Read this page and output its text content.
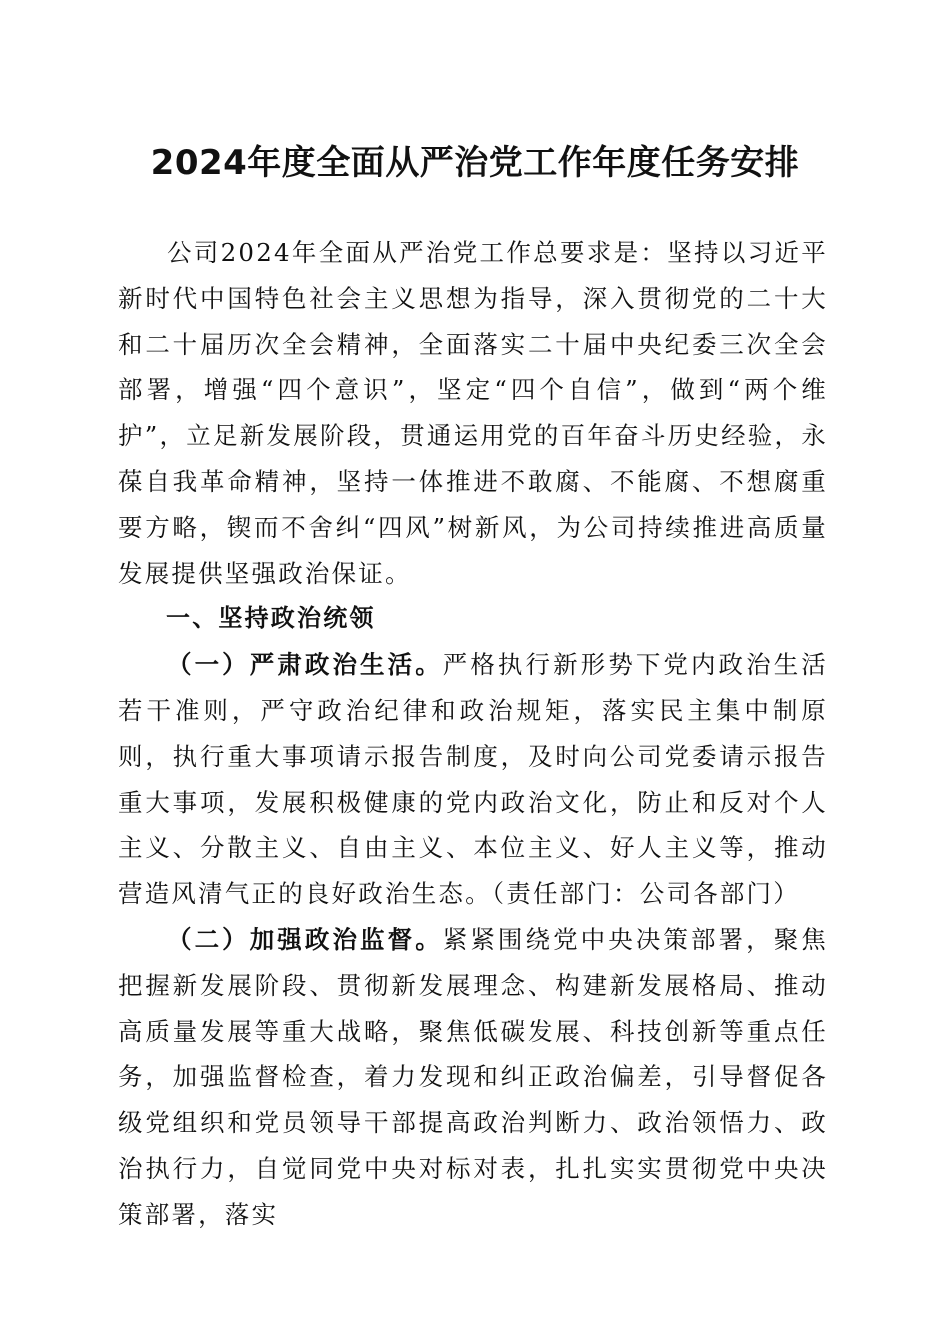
2024年度全面从严治党工作年度任务安排

公司2024年全面从严治党工作总要求是：坚持以习近平新时代中国特色社会主义思想为指导，深入贯彻党的二十大和二十届历次全会精神，全面落实二十届中央纪委三次全会部署，增强“四个意识”，坚定“四个自信”，做到“两个维护”，立足新发展阶段，贯通运用党的百年奋斗历史经验，永葆自我革命精神，坚持一体推进不敢腐、不能腐、不想腐重要方略，锲而不舍纠“四风”树新风，为公司持续推进高质量发展提供坚强政治保证。

一、坚持政治统领

（一）严肃政治生活。严格执行新形势下党内政治生活若干准则，严守政治纪律和政治规矩，落实民主集中制原则，执行重大事项请示报告制度，及时向公司党委请示报告重大事项，发展积极健康的党内政治文化，防止和反对个人主义、分散主义、自由主义、本位主义、好人主义等，推动营造风清气正的良好政治生态。（责任部门：公司各部门）

（二）加强政治监督。紧紧围绕党中央决策部署，聚焦把握新发展阶段、贯彻新发展理念、构建新发展格局、推动高质量发展等重大战略，聚焦低碳发展、科技创新等重点任务，加强监督检查，着力发现和纠正政治偏差，引导督促各级党组织和党员领导干部提高政治判断力、政治领悟力、政治执行力，自觉同党中央对标对表，扎扎实实贯彻党中央决策部署，落实
